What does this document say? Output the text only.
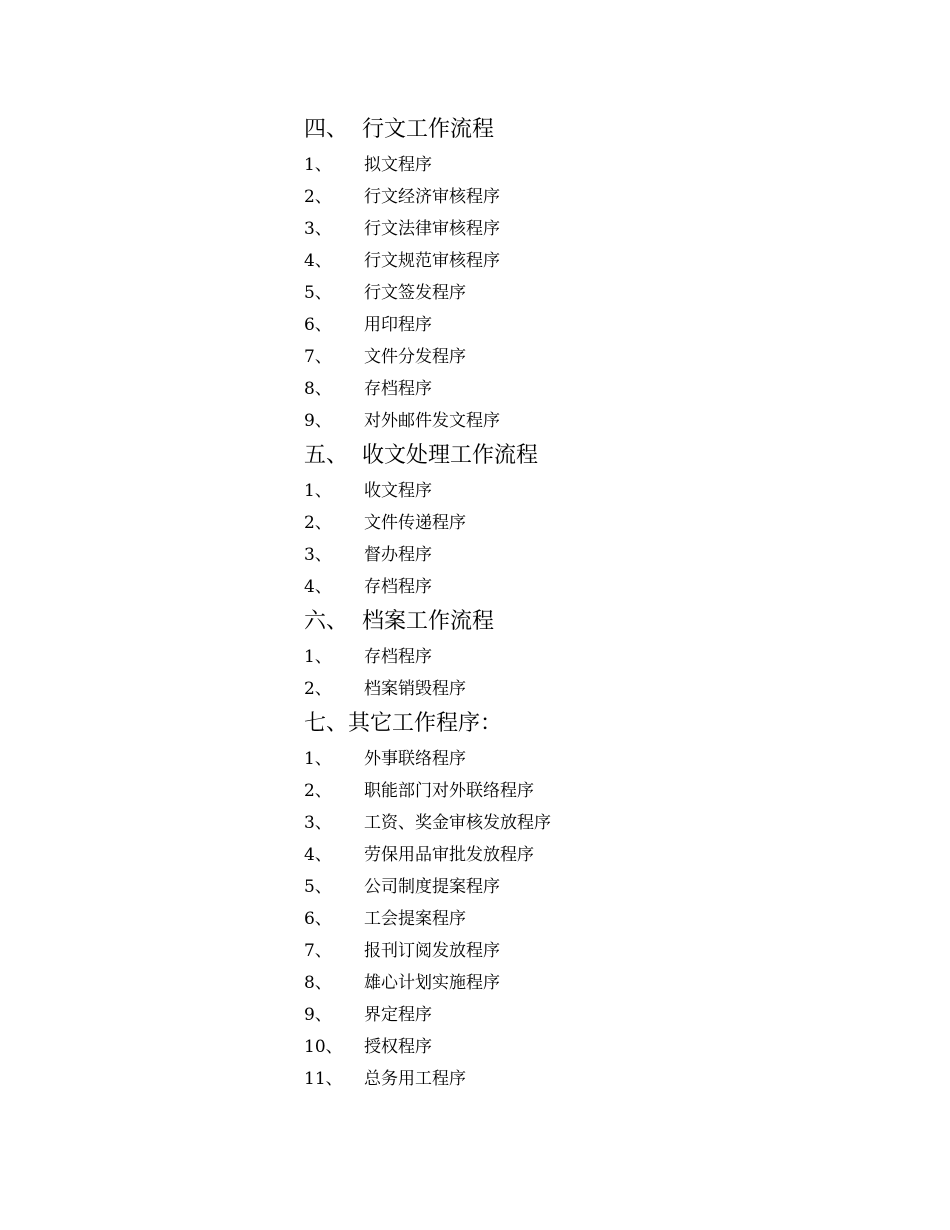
四、 行文工作流程
1、	拟文程序
2、	行文经济审核程序
3、	行文法律审核程序
4、	行文规范审核程序
5、	行文签发程序
6、	用印程序
7、	文件分发程序
8、	存档程序
9、	对外邮件发文程序
五、 收文处理工作流程
1、	收文程序
2、	文件传递程序
3、	督办程序
4、	存档程序
六、 档案工作流程
1、	存档程序
2、	档案销毁程序
七、 其它工作程序：
1、	外事联络程序
2、	职能部门对外联络程序
3、	工资、奖金审核发放程序
4、	劳保用品审批发放程序
5、	公司制度提案程序
6、	工会提案程序
7、	报刊订阅发放程序
8、	雄心计划实施程序
9、	界定程序
10、	授权程序
11、	总务用工程序
